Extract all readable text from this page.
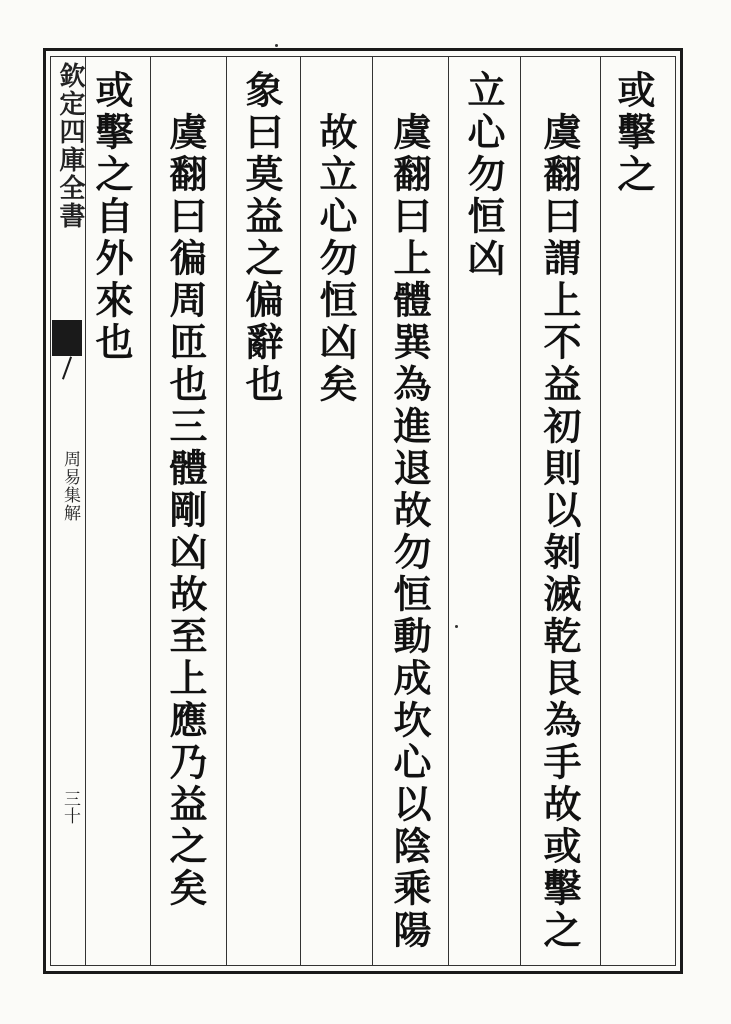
欽定四庫全書
周易集解
三十
或擊之
虞翻曰謂上不益初則以剝滅乾艮為手故或擊之
立心勿恒凶
虞翻曰上體巽為進退故勿恒動成坎心以陰乘陽
故立心勿恒凶矣
象曰莫益之偏辭也
虞翻曰徧周匝也三體剛凶故至上應乃益之矣
或擊之自外來也
